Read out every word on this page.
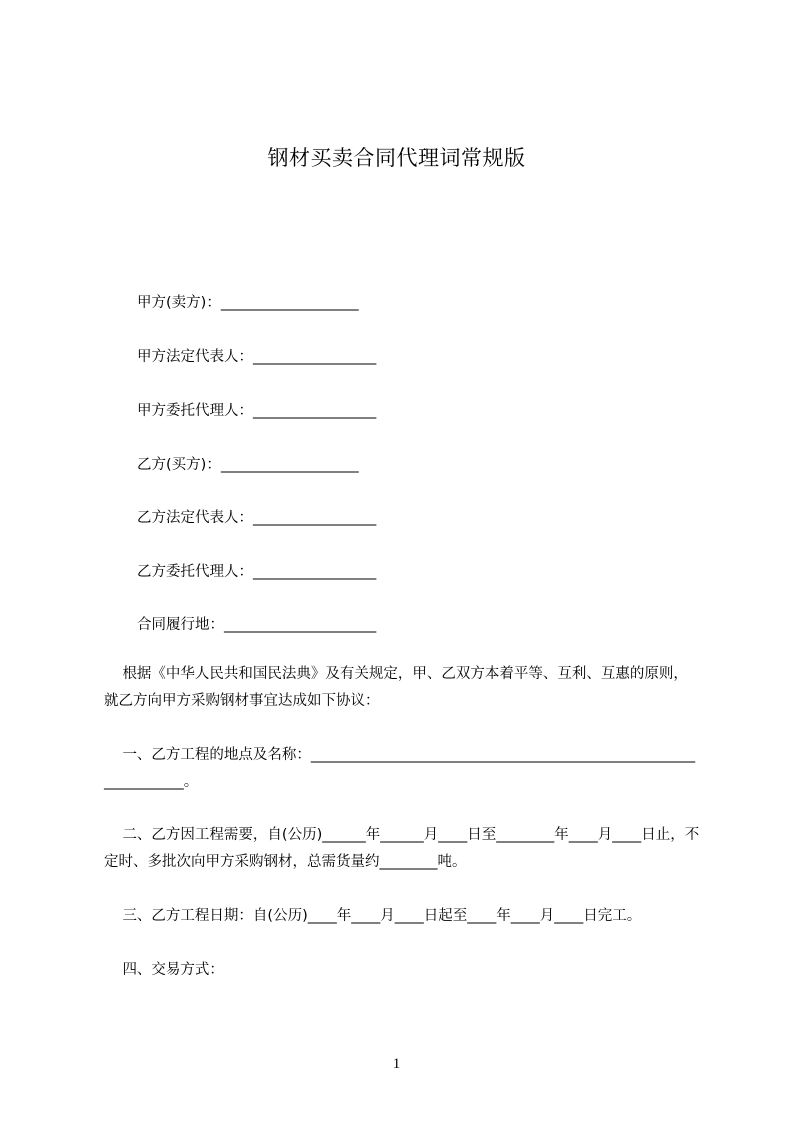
钢材买卖合同代理词常规版
甲方(卖方)：___________________
甲方法定代表人：_________________
甲方委托代理人：_________________
乙方(买方)：___________________
乙方法定代表人：_________________
乙方委托代理人：_________________
合同履行地：_____________________
根据《中华人民共和国民法典》及有关规定，甲、乙双方本着平等、互利、互惠的原则，就乙方向甲方采购钢材事宜达成如下协议：
一、乙方工程的地点及名称：________________________________________________________________。
二、乙方因工程需要，自(公历)______年______月____日至________年____月____日止，不定时、多批次向甲方采购钢材，总需货量约________吨。
三、乙方工程日期：自(公历)____年____月____日起至____年____月____日完工。
四、交易方式：
1
